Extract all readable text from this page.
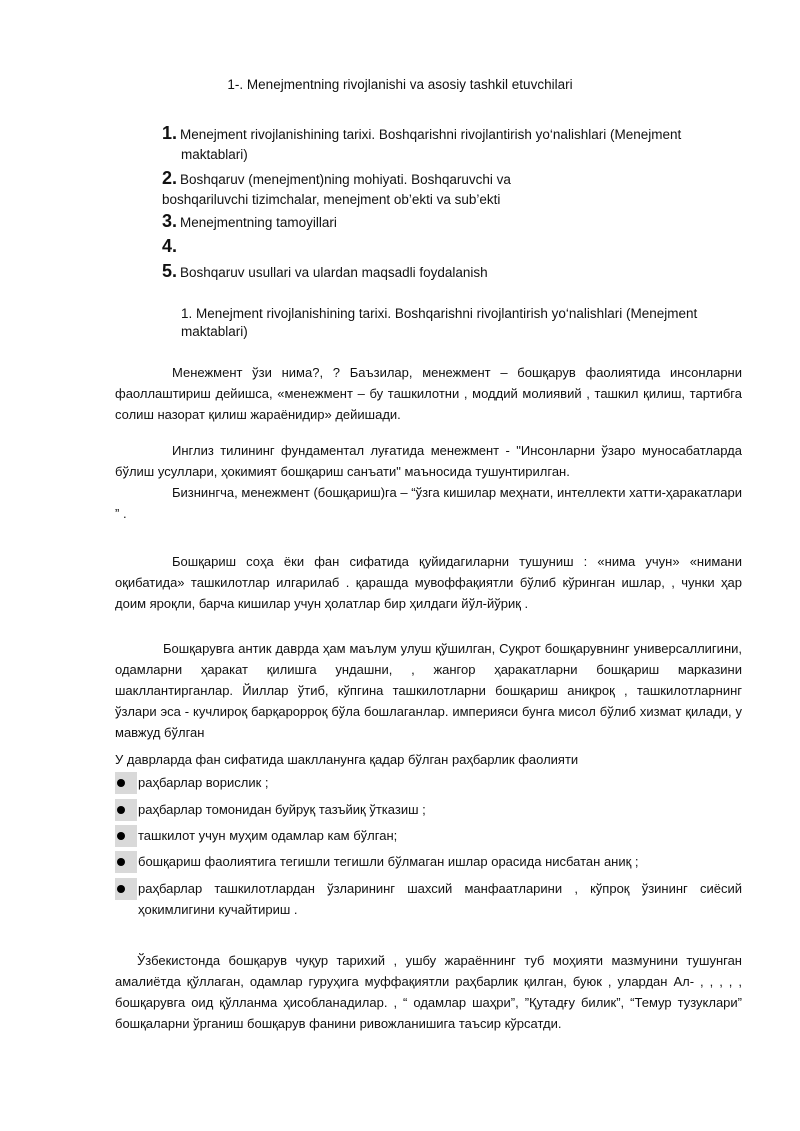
1-. Menejmentning rivojlanishi va asosiy tashkil etuvchilari
1. Menejment rivojlanishining tarixi. Boshqarishni rivojlantirish yo‘nalishlari (Menejment
maktablari)
2. Boshqaruv (menejment)ning mohiyati. Boshqaruvchi va
boshqariluvchi tizimchalar, menejment ob’ekti va sub’ekti
3. Menejmentning tamoyillari
4.
5. Boshqaruv usullari va ulardan maqsadli foydalanish
1. Menejment rivojlanishining tarixi. Boshqarishni rivojlantirish yo‘nalishlari (Menejment
maktablari)
Менежмент ўзи нима?, ? Баъзилар, менежмент – бошқарув фаолиятида инсонларни фаоллаштириш дейишса, «менежмент – бу ташкилотни , моддий молиявий , ташкил қилиш, тартибга солиш назорат қилиш жараёнидир» дейишади.
Инглиз тилининг фундаментал луғатида менежмент - "Инсонларни ўзаро муносабатларда бўлиш усуллари, ҳокимият бошқариш санъати" маъносида тушунтирилган.
Бизнингча, менежмент (бошқариш)га – “ўзга кишилар меҳнати, интеллекти хатти-ҳаракатлари ” .
Бошқариш соҳа ёки фан сифатида қуйидагиларни тушуниш : «нима учун» «нимани оқибатида» ташкилотлар илгарилаб . қарашда мувоффақиятли бўлиб кўринган ишлар, , чунки ҳар доим яроқли, барча кишилар учун ҳолатлар бир ҳилдаги йўл-йўриқ .
Бошқарувга антик даврда ҳам маълум улуш қўшилган, Суқрот бошқарувнинг универсаллигини, одамларни ҳаракат қилишга ундашни, , жангор ҳаракатларни бошқариш марказини шакллантирганлар. Йиллар ўтиб, кўпгина ташкилотларни бошқариш аниқроқ , ташкилотларнинг ўзлари эса - кучлироқ барқарорроқ бўла бошлаганлар. империяси бунга мисол бўлиб хизмат қилади, у мавжуд бўлган
У даврларда фан сифатида шаклланунга қадар бўлган раҳбарлик фаолияти
раҳбарлар ворислик ;
раҳбарлар томонидан буйруқ тазъйиқ ўтказиш ;
ташкилот учун муҳим одамлар кам бўлган;
бошқариш фаолиятига тегишли тегишли бўлмаган ишлар орасида нисбатан аниқ ;
раҳбарлар ташкилотлардан ўзларининг шахсий манфаатларини , кўпроқ ўзининг сиёсий ҳокимлигини кучайтириш .
Ўзбекистонда бошқарув чуқур тарихий , ушбу жараённинг туб моҳияти мазмунини тушунган амалиётда қўллаган, одамлар гуруҳига муффақиятли раҳбарлик қилган, буюк , улардан Ал- , , , , , бошқарувга оид қўлланма ҳисобланадилар. , “ одамлар шаҳри”, ”Қутадғу билик”, “Темур тузуклари” бошқаларни ўрганиш бошқарув фанини ривожланишига таъсир кўрсатди.
